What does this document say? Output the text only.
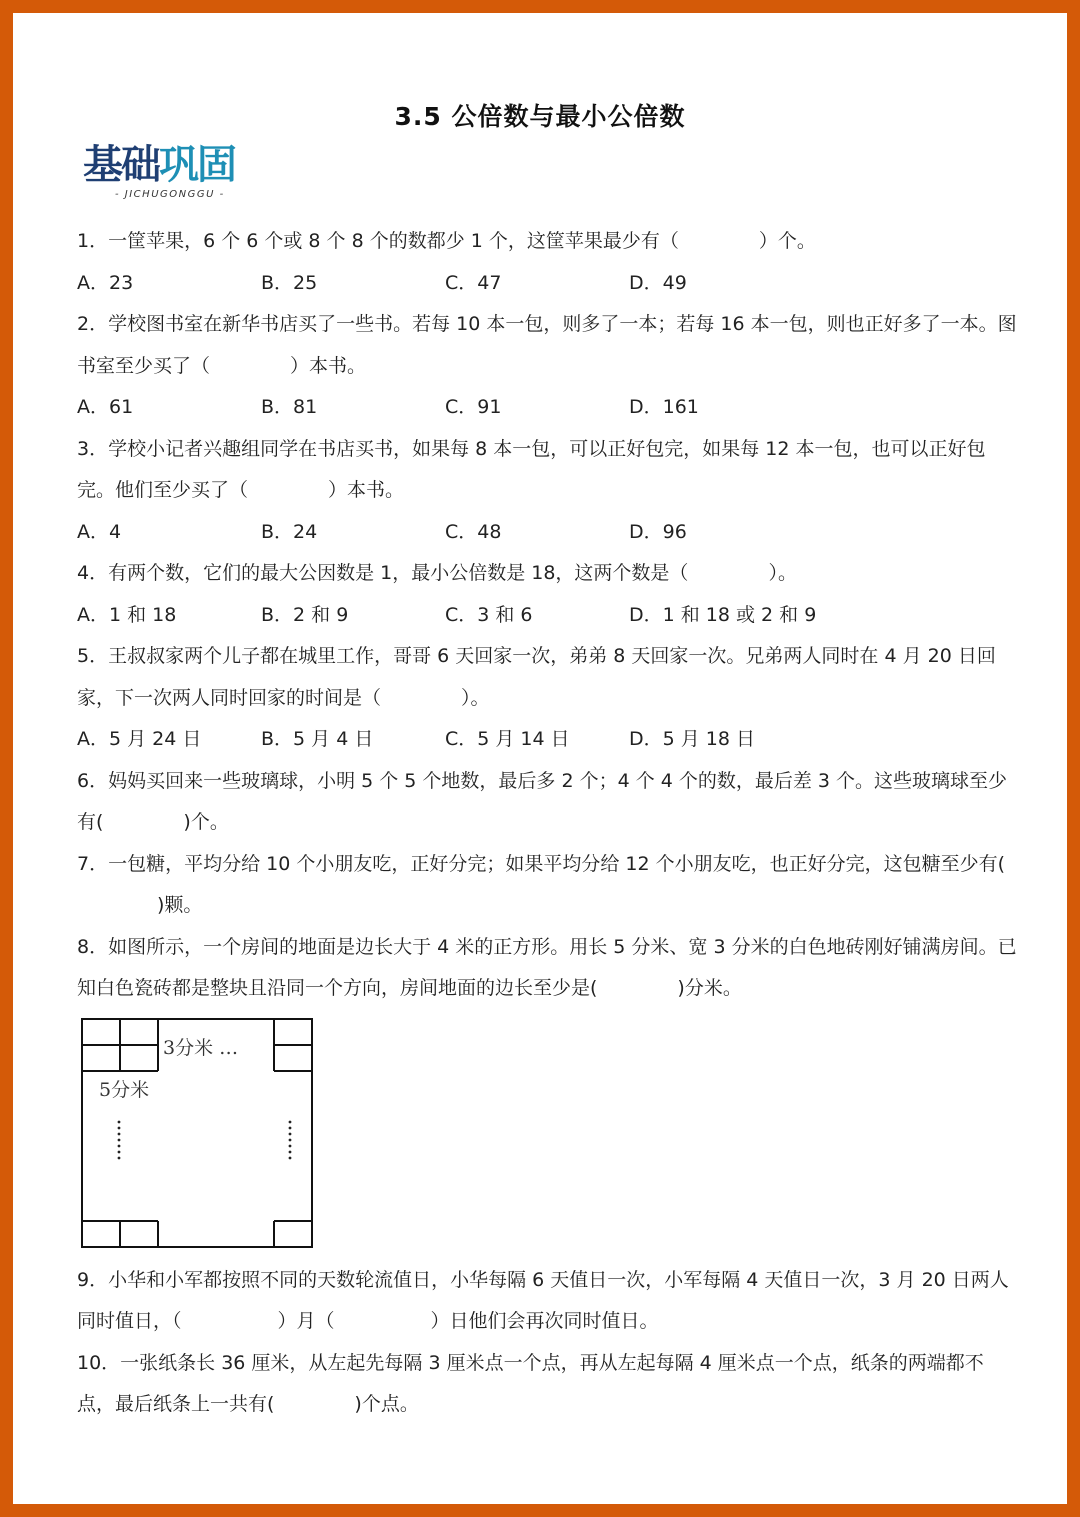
3.5 公倍数与最小公倍数
基础巩固
- JICHUGONGGU -

1．一筐苹果，6 个 6 个或 8 个 8 个的数都少 1 个，这筐苹果最少有（	）个。

A．23	B．25	C．47	D．49

2．学校图书室在新华书店买了一些书。若每 10 本一包，则多了一本；若每 16 本一包，则也正好多了一本。图书室至少买了（	）本书。

A．61	B．81	C．91	D．161

3．学校小记者兴趣组同学在书店买书，如果每 8 本一包，可以正好包完，如果每 12 本一包，也可以正好包完。他们至少买了（	）本书。

A．4	B．24	C．48	D．96

4．有两个数，它们的最大公因数是 1，最小公倍数是 18，这两个数是（	）。

A．1 和 18	B．2 和 9	C．3 和 6	D．1 和 18 或 2 和 9

5．王叔叔家两个儿子都在城里工作，哥哥 6 天回家一次，弟弟 8 天回家一次。兄弟两人同时在 4 月 20 日回家，下一次两人同时回家的时间是（	）。

A．5 月 24 日	B．5 月 4 日	C．5 月 14 日	D．5 月 18 日

6．妈妈买回来一些玻璃球，小明 5 个 5 个地数，最后多 2 个；4 个 4 个的数，最后差 3 个。这些玻璃球至少有(	)个。

7．一包糖，平均分给 10 个小朋友吃，正好分完；如果平均分给 12 个小朋友吃，也正好分完，这包糖至少有()颗。

8．如图所示，一个房间的地面是边长大于 4 米的正方形。用长 5 分米、宽 3 分米的白色地砖刚好铺满房间。已知白色瓷砖都是整块且沿同一个方向，房间地面的边长至少是(	)分米。

3分米 …
5分米

9．小华和小军都按照不同的天数轮流值日，小华每隔 6 天值日一次，小军每隔 4 天值日一次，3 月 20 日两人同时值日，（	）月（	）日他们会再次同时值日。

10．一张纸条长 36 厘米，从左起先每隔 3 厘米点一个点，再从左起每隔 4 厘米点一个点，纸条的两端都不点，最后纸条上一共有(	)个点。
